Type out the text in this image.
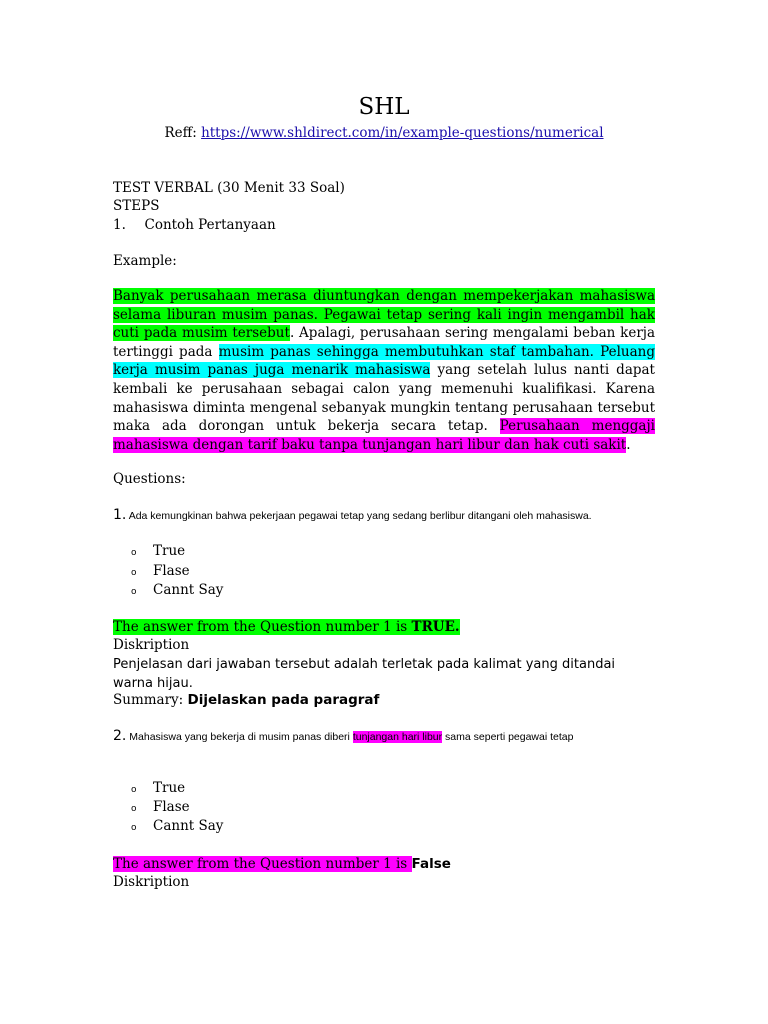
SHL
Reff: https://www.shldirect.com/in/example-questions/numerical
TEST VERBAL (30 Menit 33 Soal)
STEPS
1. Contoh Pertanyaan
Example:
Banyak perusahaan merasa diuntungkan dengan mempekerjakan mahasiswa selama liburan musim panas. Pegawai tetap sering kali ingin mengambil hak cuti pada musim tersebut. Apalagi, perusahaan sering mengalami beban kerja tertinggi pada musim panas sehingga membutuhkan staf tambahan. Peluang kerja musim panas juga menarik mahasiswa yang setelah lulus nanti dapat kembali ke perusahaan sebagai calon yang memenuhi kualifikasi. Karena mahasiswa diminta mengenal sebanyak mungkin tentang perusahaan tersebut maka ada dorongan untuk bekerja secara tetap. Perusahaan menggaji mahasiswa dengan tarif baku tanpa tunjangan hari libur dan hak cuti sakit.
Questions:
1. Ada kemungkinan bahwa pekerjaan pegawai tetap yang sedang berlibur ditangani oleh mahasiswa.
o True
o Flase
o Cannt Say
The answer from the Question number 1 is TRUE.
Diskription
Penjelasan dari jawaban tersebut adalah terletak pada kalimat yang ditandai warna hijau.
Summary: Dijelaskan pada paragraf
2. Mahasiswa yang bekerja di musim panas diberi tunjangan hari libur sama seperti pegawai tetap
o True
o Flase
o Cannt Say
The answer from the Question number 1 is False
Diskription
